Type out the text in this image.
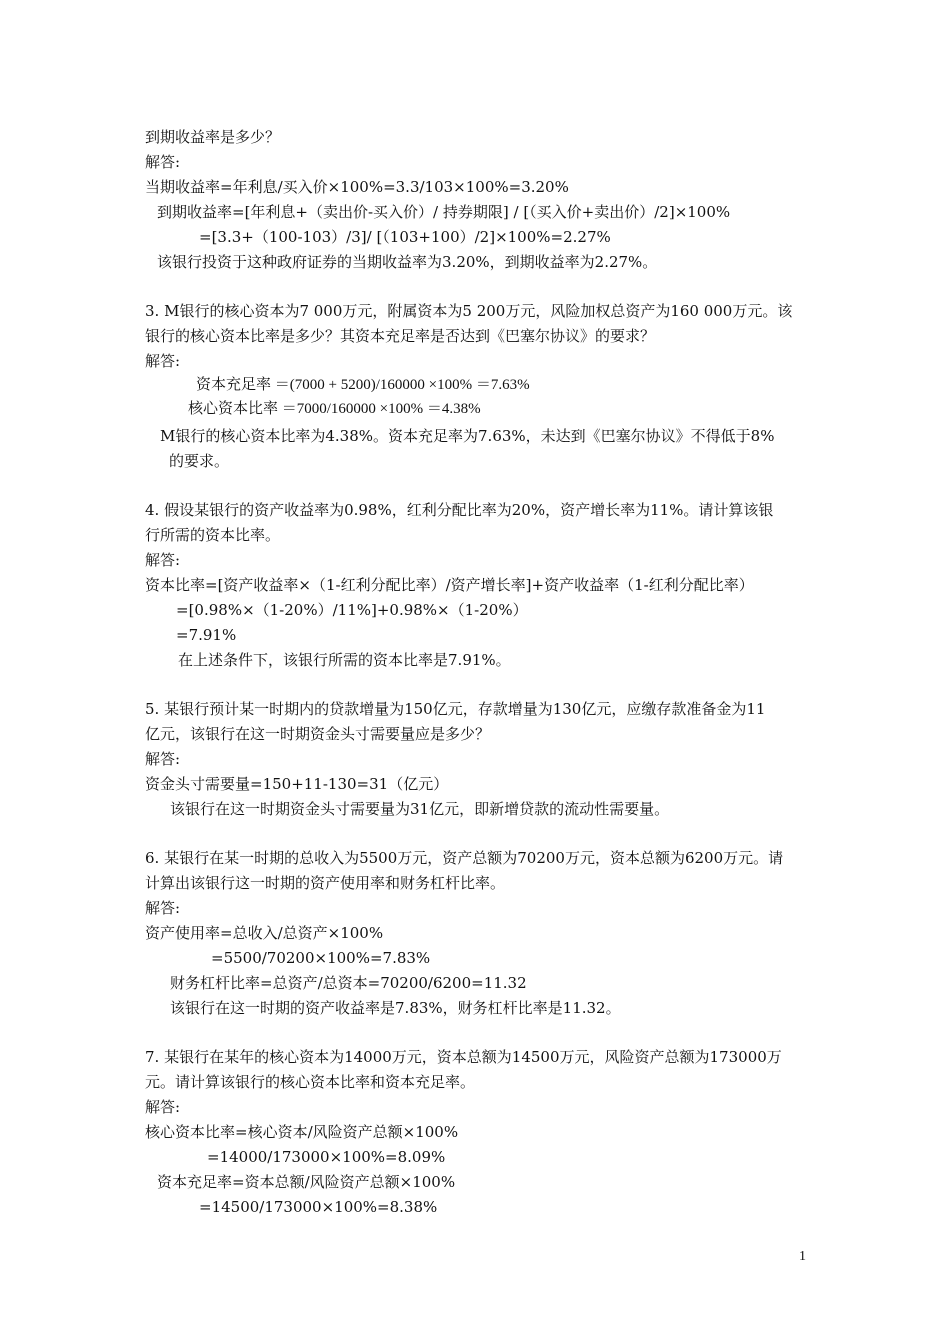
到期收益率是多少？
解答:
当期收益率=年利息/买入价×100%=3.3/103×100%=3.20%
到期收益率=[年利息+（卖出价-买入价）/ 持券期限] / [（买入价+卖出价）/2]×100%
=[3.3+（100-103）/3]/ [（103+100）/2]×100%=2.27%
该银行投资于这种政府证券的当期收益率为3.20%，到期收益率为2.27%。
3. M银行的核心资本为7 000万元，附属资本为5 200万元，风险加权总资产为160 000万元。该
银行的核心资本比率是多少？其资本充足率是否达到《巴塞尔协议》的要求？
解答:
资本充足率 ＝(7000 + 5200)/160000 ×100% ＝7.63%
核心资本比率 ＝7000/160000 ×100% ＝4.38%
M银行的核心资本比率为4.38%。资本充足率为7.63%，未达到《巴塞尔协议》不得低于8%
的要求。
4. 假设某银行的资产收益率为0.98%，红利分配比率为20%，资产增长率为11%。请计算该银
行所需的资本比率。
解答:
资本比率=[资产收益率×（1-红利分配比率）/资产增长率]+资产收益率（1-红利分配比率）
=[0.98%×（1-20%）/11%]+0.98%×（1-20%）
=7.91%
在上述条件下，该银行所需的资本比率是7.91%。
5. 某银行预计某一时期内的贷款增量为150亿元，存款增量为130亿元，应缴存款准备金为11
亿元，该银行在这一时期资金头寸需要量应是多少？
解答:
资金头寸需要量=150+11-130=31（亿元）
该银行在这一时期资金头寸需要量为31亿元，即新增贷款的流动性需要量。
6. 某银行在某一时期的总收入为5500万元，资产总额为70200万元，资本总额为6200万元。请
计算出该银行这一时期的资产使用率和财务杠杆比率。
解答:
资产使用率=总收入/总资产×100%
=5500/70200×100%=7.83%
财务杠杆比率=总资产/总资本=70200/6200=11.32
该银行在这一时期的资产收益率是7.83%，财务杠杆比率是11.32。
7. 某银行在某年的核心资本为14000万元，资本总额为14500万元，风险资产总额为173000万
元。请计算该银行的核心资本比率和资本充足率。
解答:
核心资本比率=核心资本/风险资产总额×100%
=14000/173000×100%=8.09%
资本充足率=资本总额/风险资产总额×100%
=14500/173000×100%=8.38%
1
